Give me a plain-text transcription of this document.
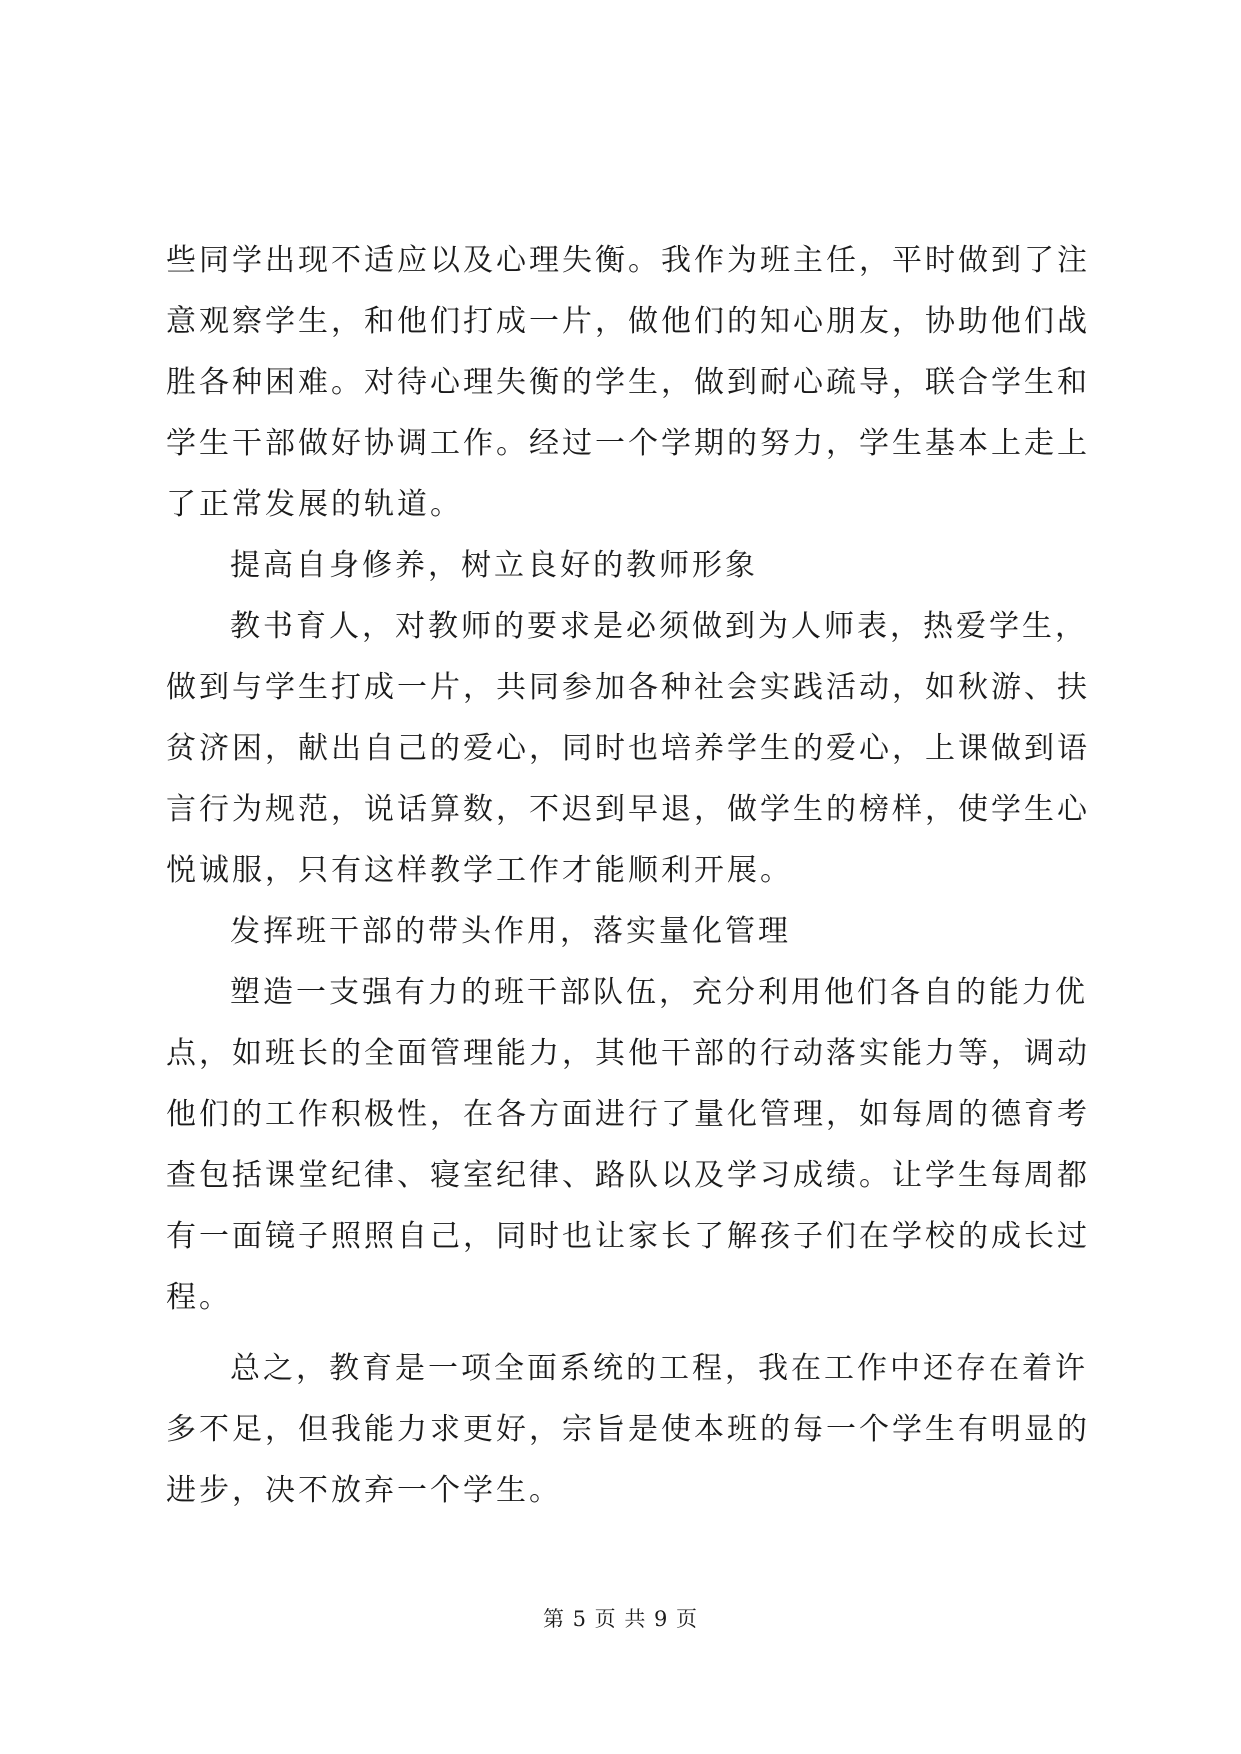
些同学出现不适应以及心理失衡。我作为班主任，平时做到了注
意观察学生，和他们打成一片，做他们的知心朋友，协助他们战
胜各种困难。对待心理失衡的学生，做到耐心疏导，联合学生和
学生干部做好协调工作。经过一个学期的努力，学生基本上走上
了正常发展的轨道。
提高自身修养，树立良好的教师形象
教书育人，对教师的要求是必须做到为人师表，热爱学生，
做到与学生打成一片，共同参加各种社会实践活动，如秋游、扶
贫济困，献出自己的爱心，同时也培养学生的爱心，上课做到语
言行为规范，说话算数，不迟到早退，做学生的榜样，使学生心
悦诚服，只有这样教学工作才能顺利开展。
发挥班干部的带头作用，落实量化管理
塑造一支强有力的班干部队伍，充分利用他们各自的能力优
点，如班长的全面管理能力，其他干部的行动落实能力等，调动
他们的工作积极性，在各方面进行了量化管理，如每周的德育考
查包括课堂纪律、寝室纪律、路队以及学习成绩。让学生每周都
有一面镜子照照自己，同时也让家长了解孩子们在学校的成长过
程。
总之，教育是一项全面系统的工程，我在工作中还存在着许
多不足，但我能力求更好，宗旨是使本班的每一个学生有明显的
进步，决不放弃一个学生。
第 5 页 共 9 页
